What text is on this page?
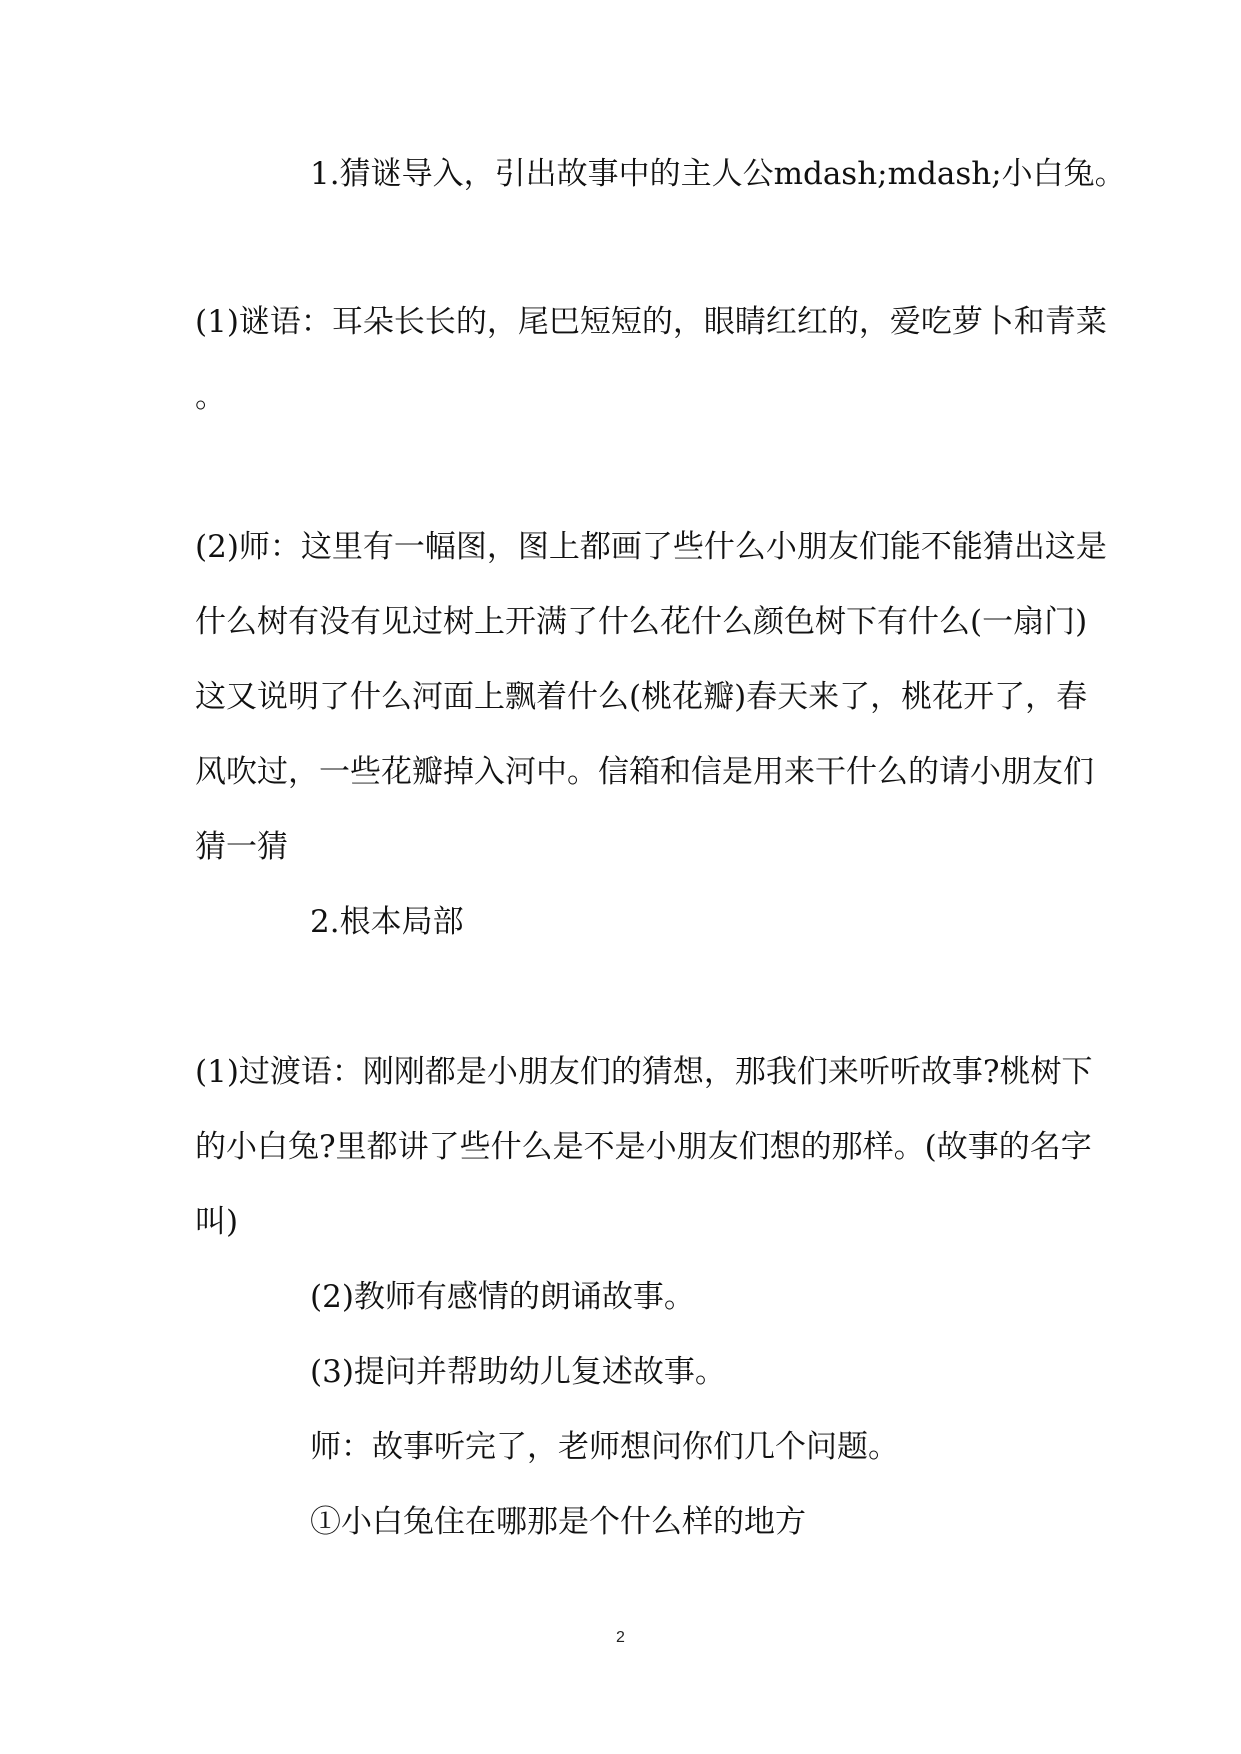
1.猜谜导入，引出故事中的主人公mdash;mdash;小白兔。
(1)谜语：耳朵长长的，尾巴短短的，眼睛红红的，爱吃萝卜和青菜
。
(2)师：这里有一幅图，图上都画了些什么小朋友们能不能猜出这是
什么树有没有见过树上开满了什么花什么颜色树下有什么(一扇门)
这又说明了什么河面上飘着什么(桃花瓣)春天来了，桃花开了，春
风吹过，一些花瓣掉入河中。信箱和信是用来干什么的请小朋友们
猜一猜
2.根本局部
(1)过渡语：刚刚都是小朋友们的猜想，那我们来听听故事?桃树下
的小白兔?里都讲了些什么是不是小朋友们想的那样。(故事的名字
叫)
(2)教师有感情的朗诵故事。
(3)提问并帮助幼儿复述故事。
师：故事听完了，老师想问你们几个问题。
①小白兔住在哪那是个什么样的地方
2
